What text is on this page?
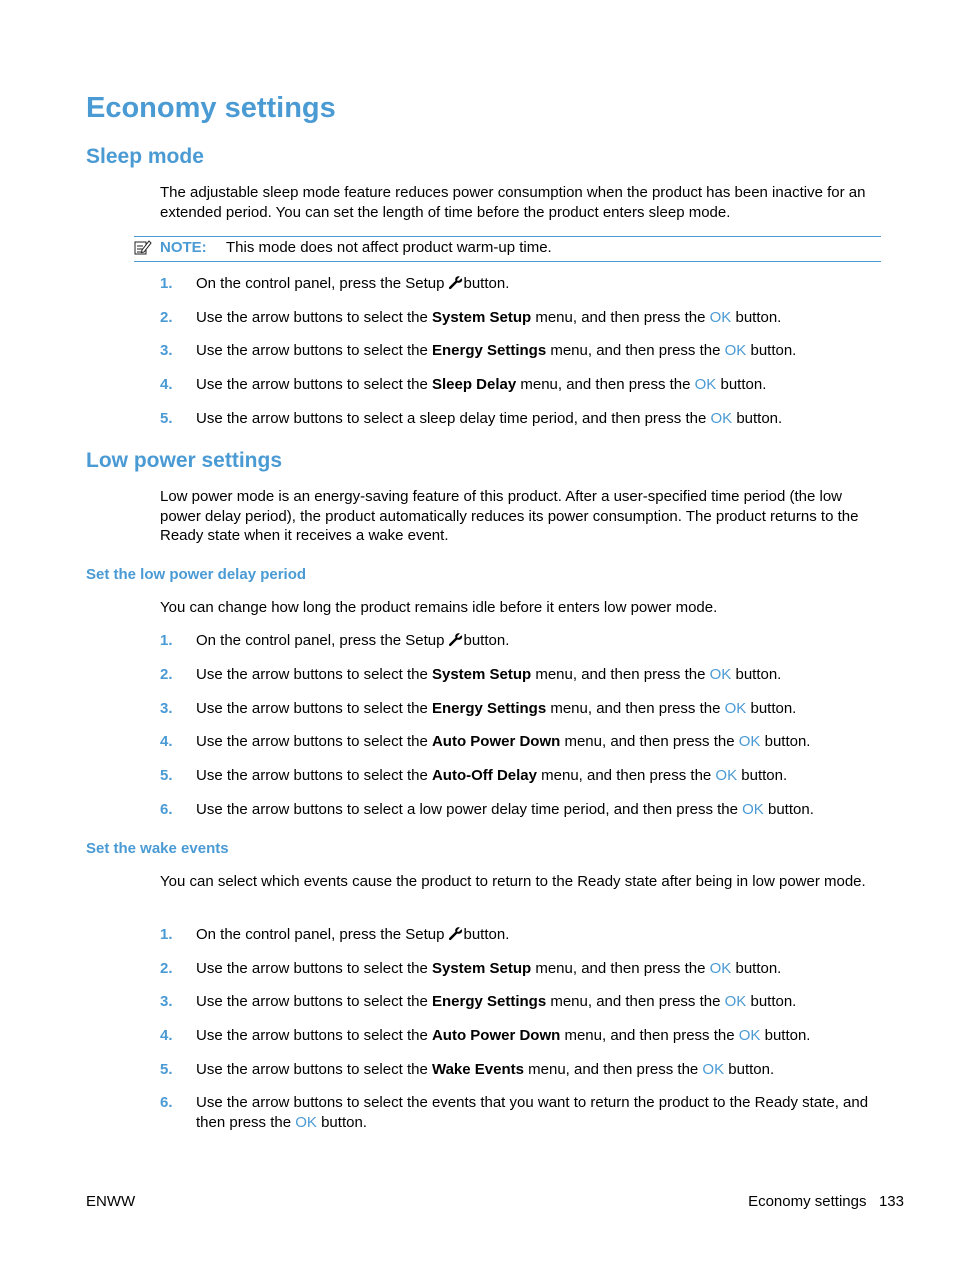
Economy settings
Sleep mode

The adjustable sleep mode feature reduces power consumption when the product has been inactive for an extended period. You can set the length of time before the product enters sleep mode.

NOTE: This mode does not affect product warm-up time.
1. On the control panel, press the Setup button.
2. Use the arrow buttons to select the System Setup menu, and then press the OK button.
3. Use the arrow buttons to select the Energy Settings menu, and then press the OK button.
4. Use the arrow buttons to select the Sleep Delay menu, and then press the OK button.
5. Use the arrow buttons to select a sleep delay time period, and then press the OK button.
Low power settings

Low power mode is an energy-saving feature of this product. After a user-specified time period (the low power delay period), the product automatically reduces its power consumption. The product returns to the Ready state when it receives a wake event.

Set the low power delay period

You can change how long the product remains idle before it enters low power mode.

1. On the control panel, press the Setup button.
2. Use the arrow buttons to select the System Setup menu, and then press the OK button.
3. Use the arrow buttons to select the Energy Settings menu, and then press the OK button.
4. Use the arrow buttons to select the Auto Power Down menu, and then press the OK button.
5. Use the arrow buttons to select the Auto-Off Delay menu, and then press the OK button.
6. Use the arrow buttons to select a low power delay time period, and then press the OK button.
Set the wake events

You can select which events cause the product to return to the Ready state after being in low power mode.

1. On the control panel, press the Setup button.
2. Use the arrow buttons to select the System Setup menu, and then press the OK button.
3. Use the arrow buttons to select the Energy Settings menu, and then press the OK button.
4. Use the arrow buttons to select the Auto Power Down menu, and then press the OK button.
5. Use the arrow buttons to select the Wake Events menu, and then press the OK button.
6. Use the arrow buttons to select the events that you want to return the product to the Ready state, and then press the OK button.
ENWW	Economy settings   133
